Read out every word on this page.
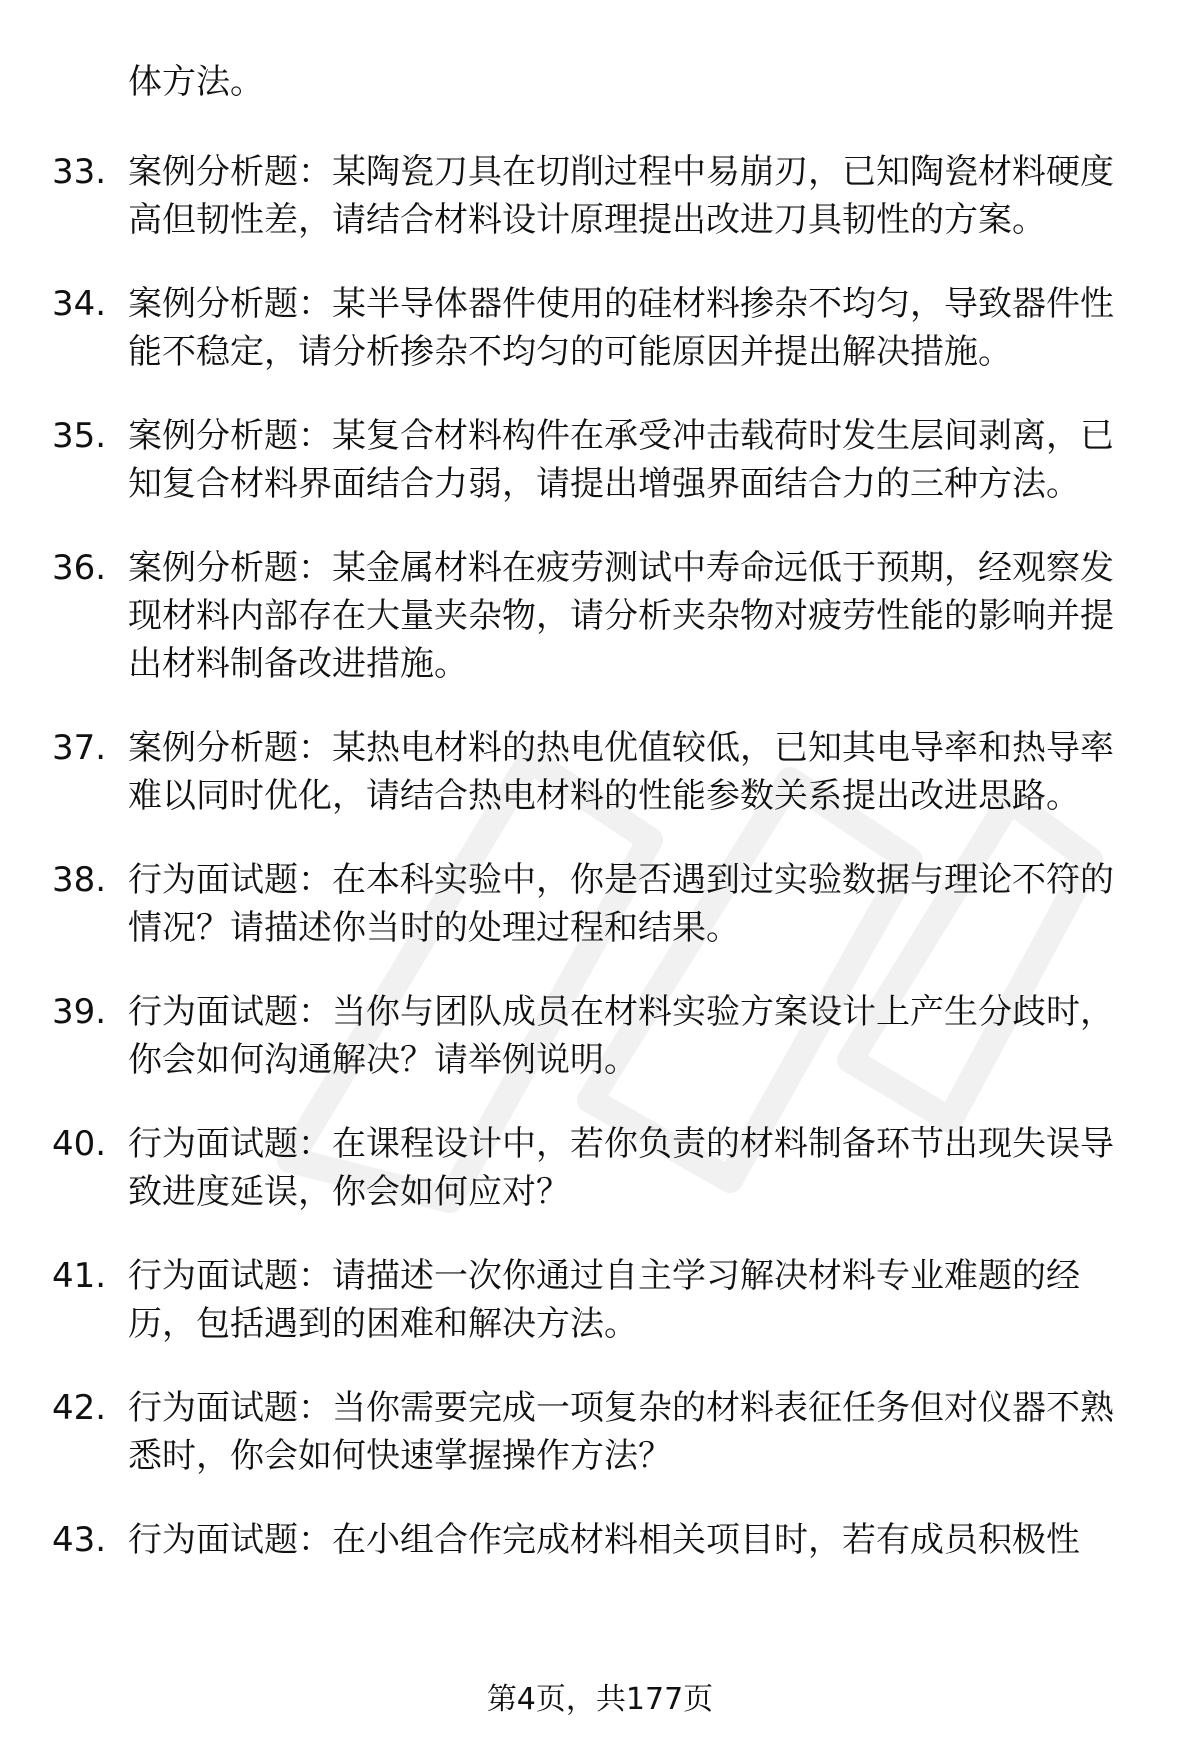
体方法。
33. 案例分析题：某陶瓷刀具在切削过程中易崩刃，已知陶瓷材料硬度高但韧性差，请结合材料设计原理提出改进刀具韧性的方案。
34. 案例分析题：某半导体器件使用的硅材料掺杂不均匀，导致器件性能不稳定，请分析掺杂不均匀的可能原因并提出解决措施。
35. 案例分析题：某复合材料构件在承受冲击载荷时发生层间剥离，已知复合材料界面结合力弱，请提出增强界面结合力的三种方法。
36. 案例分析题：某金属材料在疲劳测试中寿命远低于预期，经观察发现材料内部存在大量夹杂物，请分析夹杂物对疲劳性能的影响并提出材料制备改进措施。
37. 案例分析题：某热电材料的热电优值较低，已知其电导率和热导率难以同时优化，请结合热电材料的性能参数关系提出改进思路。
38. 行为面试题：在本科实验中，你是否遇到过实验数据与理论不符的情况？请描述你当时的处理过程和结果。
39. 行为面试题：当你与团队成员在材料实验方案设计上产生分歧时，你会如何沟通解决？请举例说明。
40. 行为面试题：在课程设计中，若你负责的材料制备环节出现失误导致进度延误，你会如何应对？
41. 行为面试题：请描述一次你通过自主学习解决材料专业难题的经历，包括遇到的困难和解决方法。
42. 行为面试题：当你需要完成一项复杂的材料表征任务但对仪器不熟悉时，你会如何快速掌握操作方法？
43. 行为面试题：在小组合作完成材料相关项目时，若有成员积极性
第4页，共177页
